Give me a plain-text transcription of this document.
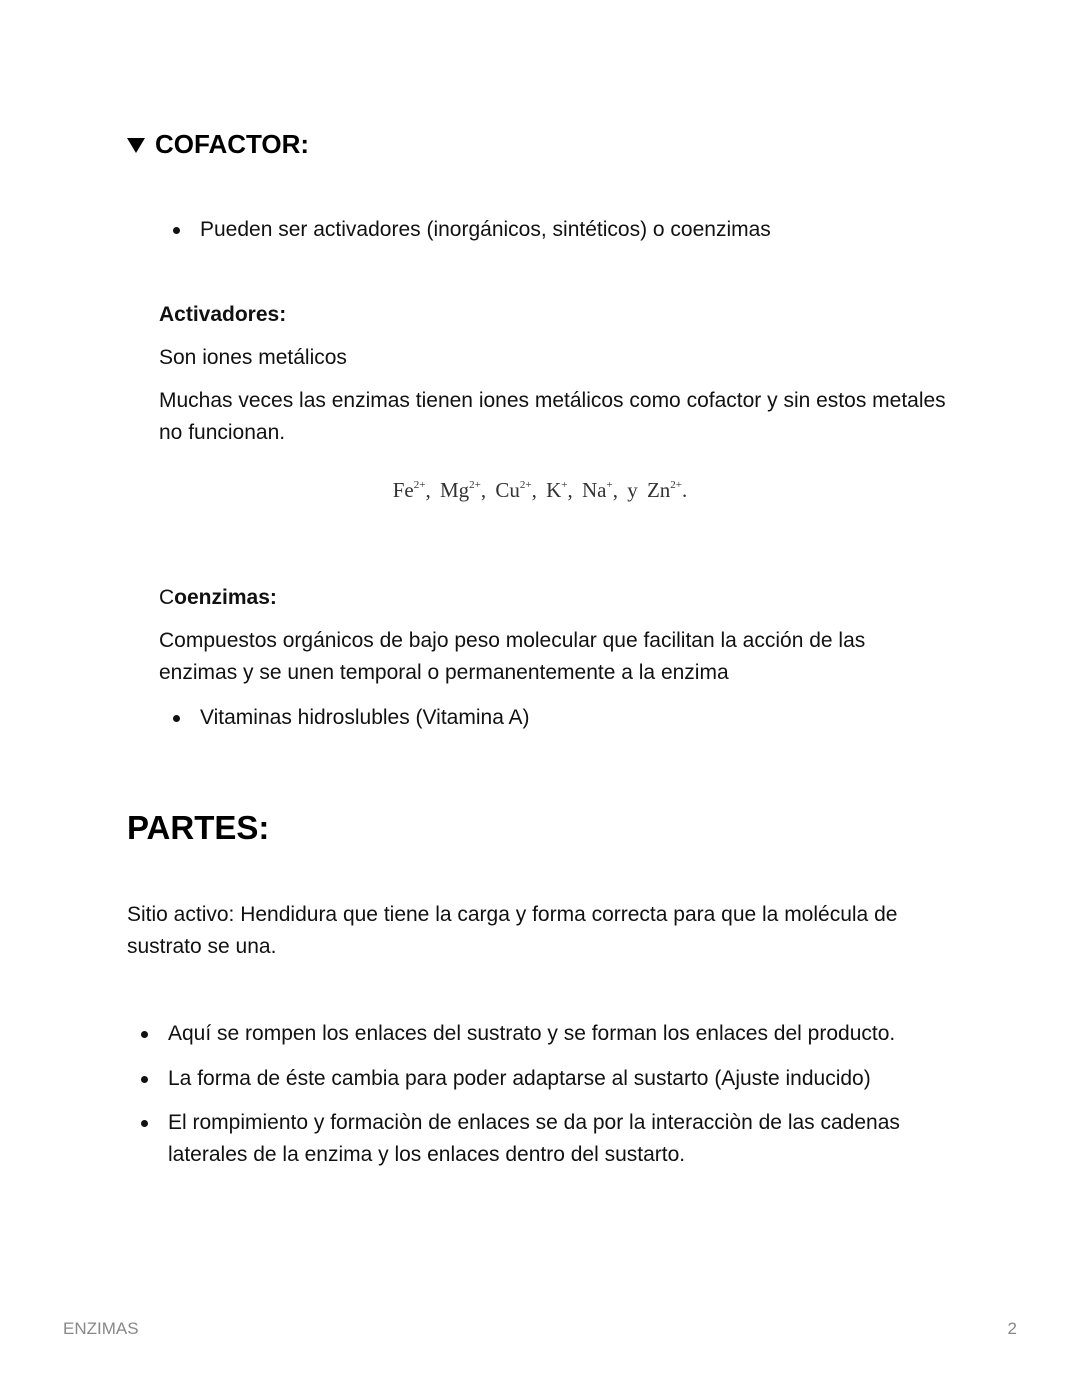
COFACTOR:
Pueden ser activadores (inorgánicos, sintéticos) o coenzimas
Activadores:
Son iones metálicos
Muchas veces las enzimas tienen iones metálicos como cofactor y sin estos metales no funcionan.
$Fe^{2+}$, $Mg^{2+}$, $Cu^{2+}$, K+, Na+, y $Zn^{2+}$.
Coenzimas:
Compuestos orgánicos de bajo peso molecular que facilitan la acción de las enzimas y se unen temporal o permanentemente a la enzima
Vitaminas hidroslubles (Vitamina A)
PARTES:
Sitio activo: Hendidura que tiene la carga y forma correcta para que la molécula de sustrato se una.
Aquí se rompen los enlaces del sustrato y se forman los enlaces del producto.
La forma de éste cambia para poder adaptarse al sustarto (Ajuste inducido)
El rompimiento y formaciòn de enlaces se da por la interacciòn de las cadenas laterales de la enzima y los enlaces dentro del sustarto.
ENZIMAS	2
